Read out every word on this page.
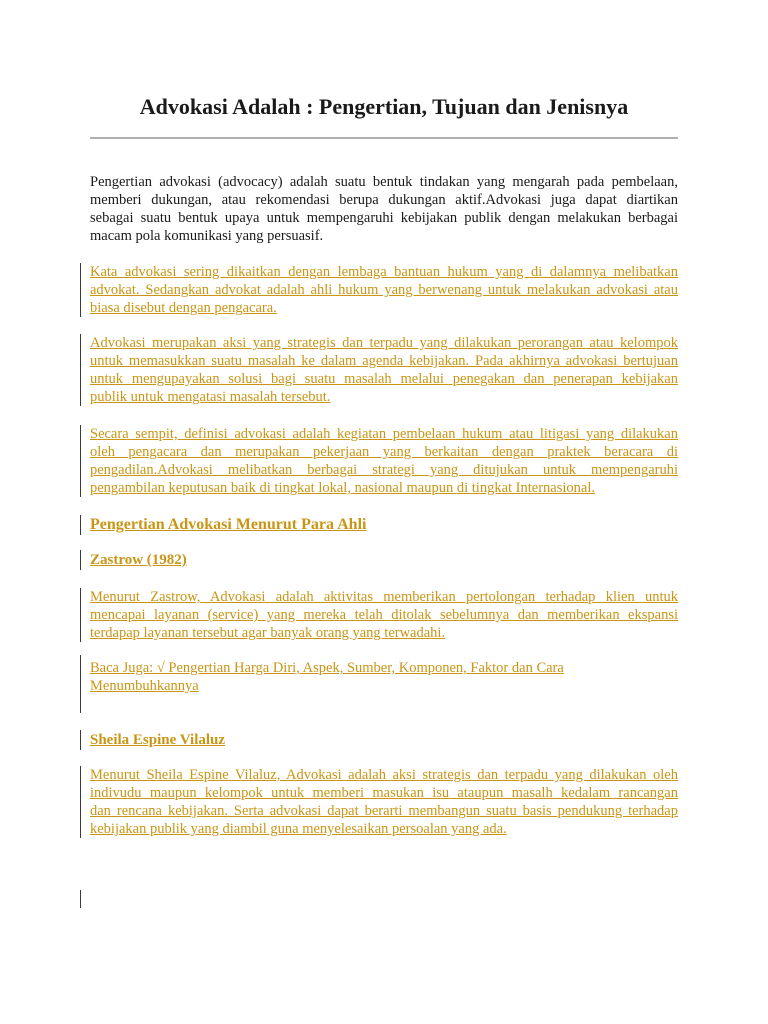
Advokasi Adalah : Pengertian, Tujuan dan Jenisnya
Pengertian advokasi (advocacy) adalah suatu bentuk tindakan yang mengarah pada pembelaan,
memberi dukungan, atau rekomendasi berupa dukungan aktif.Advokasi juga dapat diartikan
sebagai suatu bentuk upaya untuk mempengaruhi kebijakan publik dengan melakukan berbagai
macam pola komunikasi yang persuasif.
Kata advokasi sering dikaitkan dengan lembaga bantuan hukum yang di dalamnya melibatkan
advokat. Sedangkan advokat adalah ahli hukum yang berwenang untuk melakukan advokasi atau
biasa disebut dengan pengacara.
Advokasi merupakan aksi yang strategis dan terpadu yang dilakukan perorangan atau kelompok
untuk memasukkan suatu masalah ke dalam agenda kebijakan. Pada akhirnya advokasi bertujuan
untuk mengupayakan solusi bagi suatu masalah melalui penegakan dan penerapan kebijakan
publik untuk mengatasi masalah tersebut.
Secara sempit, definisi advokasi adalah kegiatan pembelaan hukum atau litigasi yang dilakukan
oleh pengacara dan merupakan pekerjaan yang berkaitan dengan praktek beracara di
pengadilan.Advokasi melibatkan berbagai strategi yang ditujukan untuk mempengaruhi
pengambilan keputusan baik di tingkat lokal, nasional maupun di tingkat Internasional.
Pengertian Advokasi Menurut Para Ahli
Zastrow (1982)
Menurut Zastrow, Advokasi adalah aktivitas memberikan pertolongan terhadap klien untuk
mencapai layanan (service) yang mereka telah ditolak sebelumnya dan memberikan ekspansi
terdapap layanan tersebut agar banyak orang yang terwadahi.
Baca Juga: √ Pengertian Harga Diri, Aspek, Sumber, Komponen, Faktor dan Cara
Menumbuhkannya
Sheila Espine Vilaluz
Menurut Sheila Espine Vilaluz, Advokasi adalah aksi strategis dan terpadu yang dilakukan oleh
indivudu maupun kelompok untuk memberi masukan isu ataupun masalh kedalam rancangan
dan rencana kebijakan. Serta advokasi dapat berarti membangun suatu basis pendukung terhadap
kebijakan publik yang diambil guna menyelesaikan persoalan yang ada.
